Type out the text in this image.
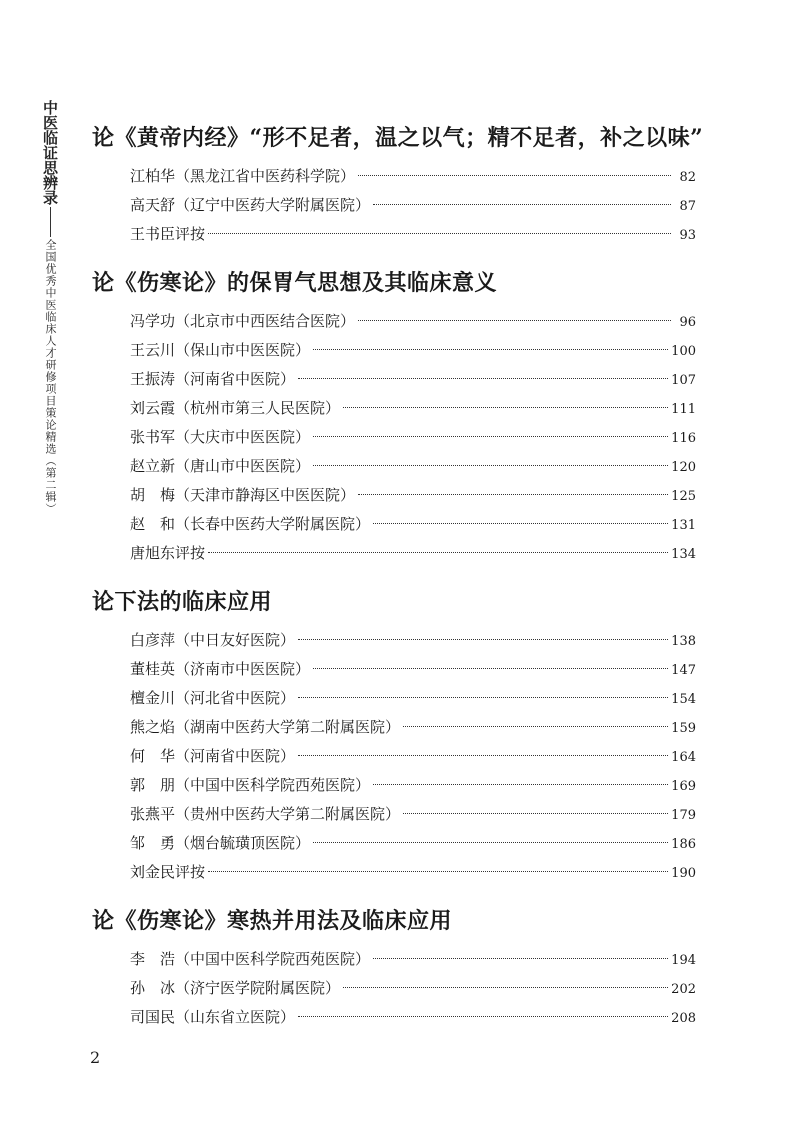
中医临证思辨录全国优秀中医临床人才研修项目策论精选（第二辑）
论《黄帝内经》“形不足者，温之以气；精不足者，补之以味”
江柏华 （黑龙江省中医药科学院）	82
高天舒 （辽宁中医药大学附属医院）	87
王书臣评按	93
论《伤寒论》的保胃气思想及其临床意义
冯学功 （北京市中西医结合医院）	96
王云川 （保山市中医医院）	100
王振涛 （河南省中医院）	107
刘云霞 （杭州市第三人民医院）	111
张书军 （大庆市中医医院）	116
赵立新 （唐山市中医医院）	120
胡　梅 （天津市静海区中医医院）	125
赵　和 （长春中医药大学附属医院）	131
唐旭东评按	134
论下法的临床应用
白彦萍 （中日友好医院）	138
董桂英 （济南市中医医院）	147
檀金川 （河北省中医院）	154
熊之焰 （湖南中医药大学第二附属医院）	159
何　华 （河南省中医院）	164
郭　朋 （中国中医科学院西苑医院）	169
张燕平 （贵州中医药大学第二附属医院）	179
邹　勇 （烟台毓璜顶医院）	186
刘金民评按	190
论《伤寒论》寒热并用法及临床应用
李　浩 （中国中医科学院西苑医院）	194
孙　冰 （济宁医学院附属医院）	202
司国民 （山东省立医院）	208
2
